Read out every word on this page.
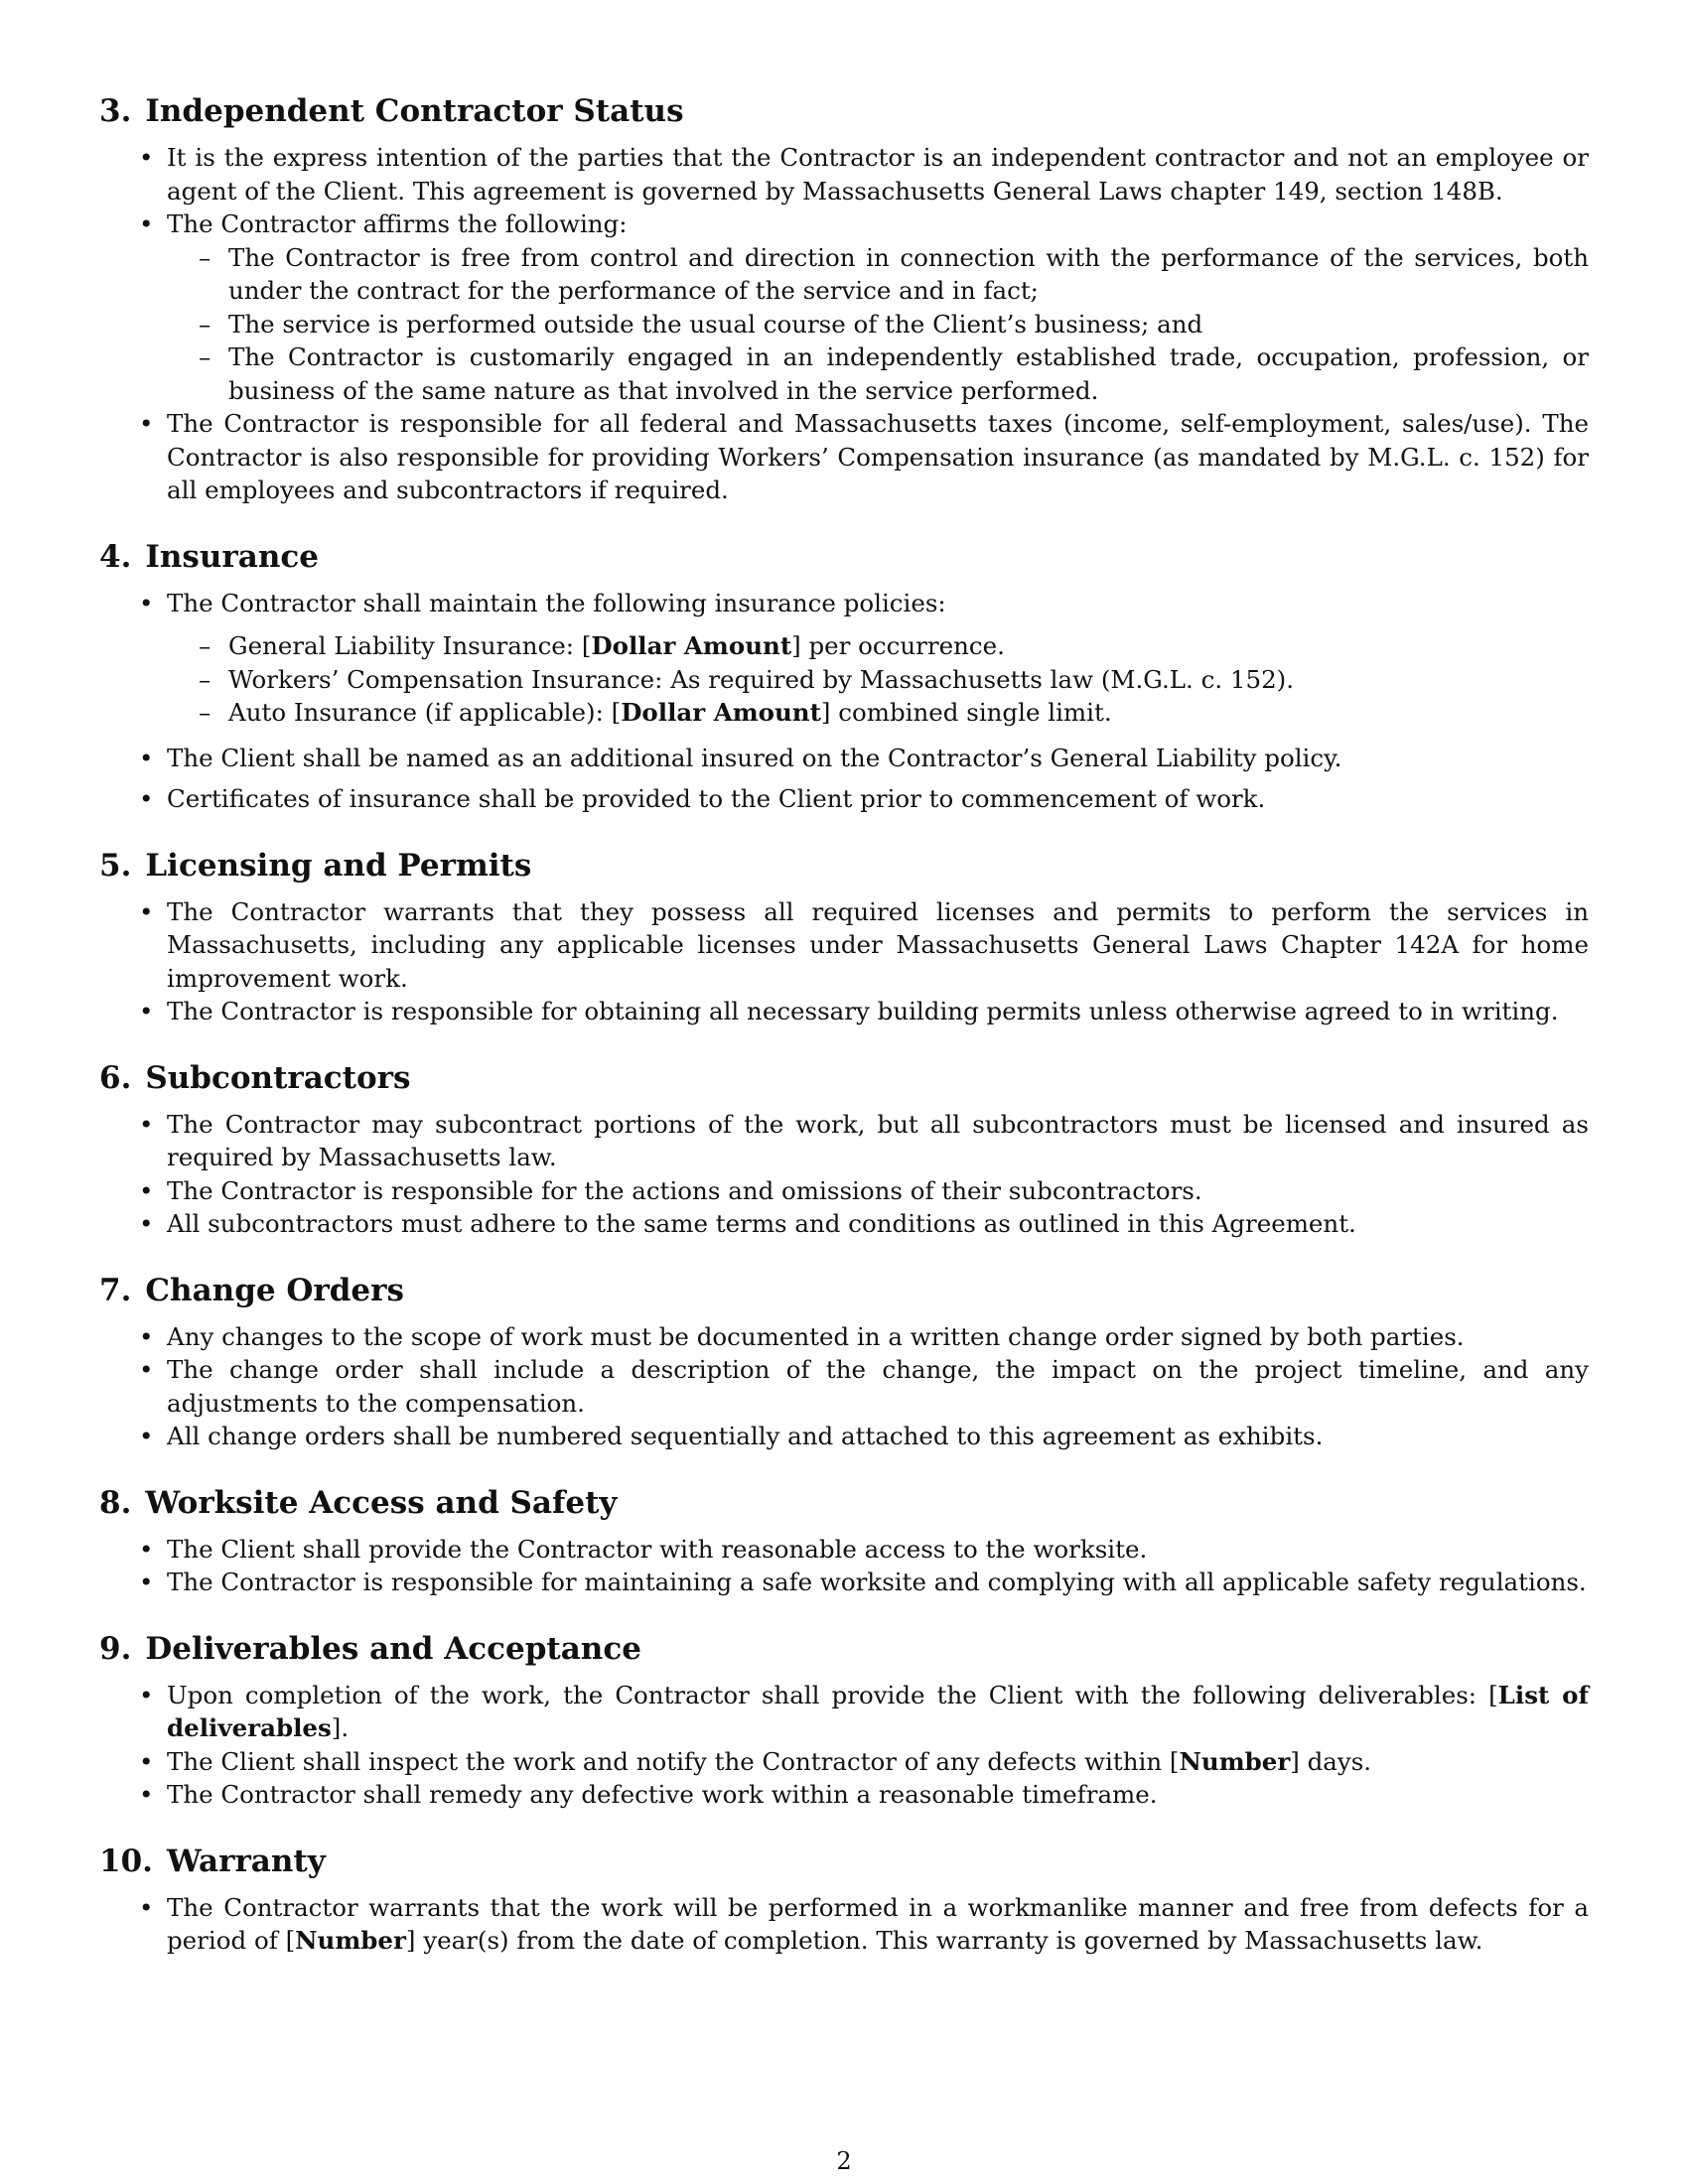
3. Independent Contractor Status
• It is the express intention of the parties that the Contractor is an independent contractor and not an employee or agent of the Client. This agreement is governed by Massachusetts General Laws chapter 149, section 148B.
• The Contractor affirms the following:
– The Contractor is free from control and direction in connection with the performance of the services, both under the contract for the performance of the service and in fact;
– The service is performed outside the usual course of the Client’s business; and
– The Contractor is customarily engaged in an independently established trade, occupation, profession, or business of the same nature as that involved in the service performed.
• The Contractor is responsible for all federal and Massachusetts taxes (income, self-employment, sales/use). The Contractor is also responsible for providing Workers’ Compensation insurance (as mandated by M.G.L. c. 152) for all employees and subcontractors if required.
4. Insurance
• The Contractor shall maintain the following insurance policies:
– General Liability Insurance: [Dollar Amount] per occurrence.
– Workers’ Compensation Insurance: As required by Massachusetts law (M.G.L. c. 152).
– Auto Insurance (if applicable): [Dollar Amount] combined single limit.
• The Client shall be named as an additional insured on the Contractor’s General Liability policy.
• Certificates of insurance shall be provided to the Client prior to commencement of work.
5. Licensing and Permits
• The Contractor warrants that they possess all required licenses and permits to perform the services in Massachusetts, including any applicable licenses under Massachusetts General Laws Chapter 142A for home improvement work.
• The Contractor is responsible for obtaining all necessary building permits unless otherwise agreed to in writing.
6. Subcontractors
• The Contractor may subcontract portions of the work, but all subcontractors must be licensed and insured as required by Massachusetts law.
• The Contractor is responsible for the actions and omissions of their subcontractors.
• All subcontractors must adhere to the same terms and conditions as outlined in this Agreement.
7. Change Orders
• Any changes to the scope of work must be documented in a written change order signed by both parties.
• The change order shall include a description of the change, the impact on the project timeline, and any adjustments to the compensation.
• All change orders shall be numbered sequentially and attached to this agreement as exhibits.
8. Worksite Access and Safety
• The Client shall provide the Contractor with reasonable access to the worksite.
• The Contractor is responsible for maintaining a safe worksite and complying with all applicable safety regulations.
9. Deliverables and Acceptance
• Upon completion of the work, the Contractor shall provide the Client with the following deliverables: [List of deliverables].
• The Client shall inspect the work and notify the Contractor of any defects within [Number] days.
• The Contractor shall remedy any defective work within a reasonable timeframe.
10. Warranty
• The Contractor warrants that the work will be performed in a workmanlike manner and free from defects for a period of [Number] year(s) from the date of completion. This warranty is governed by Massachusetts law.
2
